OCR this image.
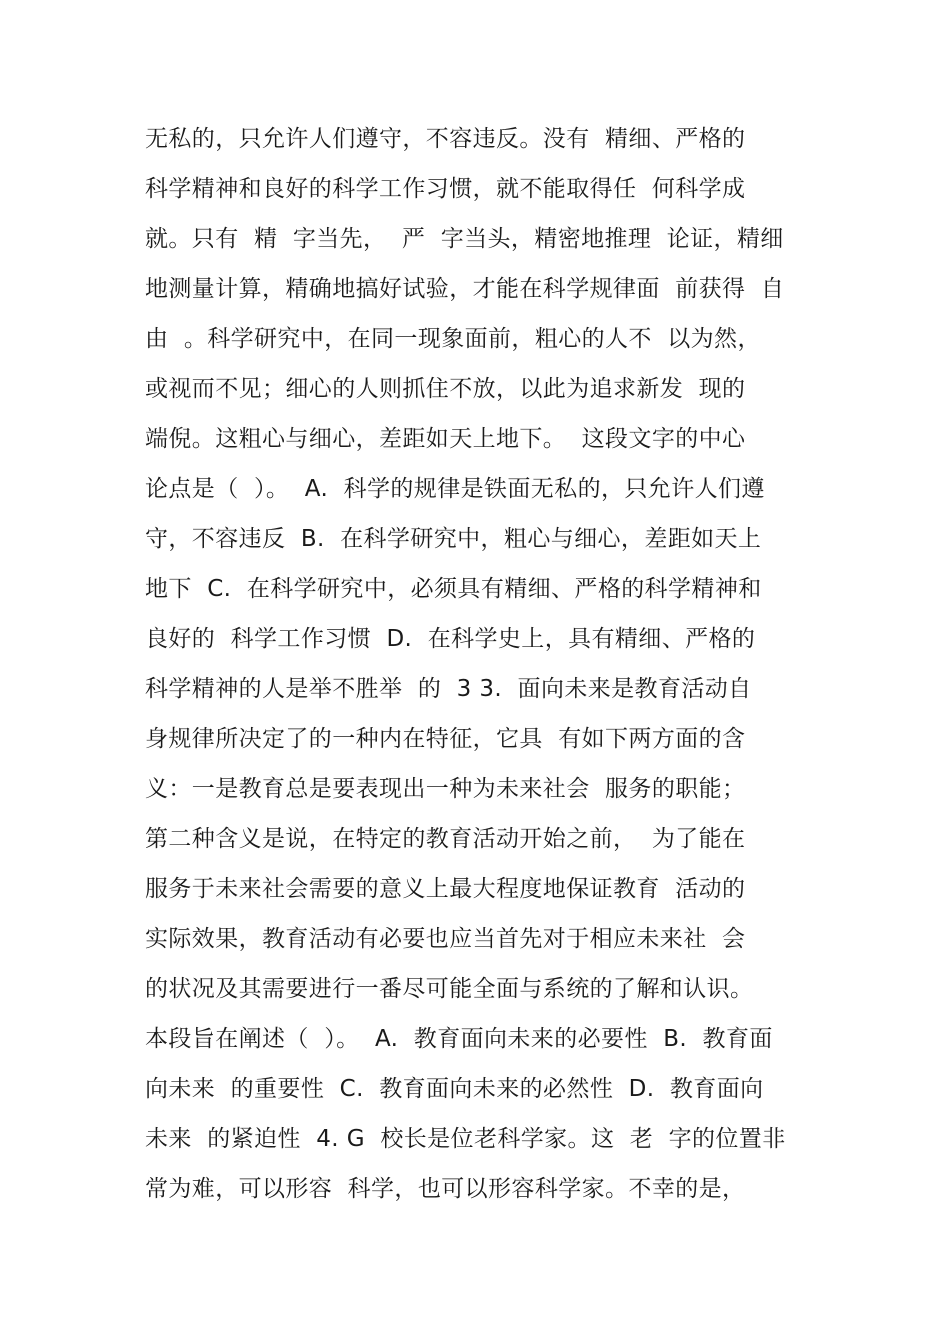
无私的，只允许人们遵守，不容违反。没有  精细、严格的
科学精神和良好的科学工作习惯，就不能取得任  何科学成
就。只有  精  字当先，  严  字当头，精密地推理  论证，精细
地测量计算，精确地搞好试验，才能在科学规律面  前获得  自
由  。科学研究中，在同一现象面前，粗心的人不  以为然，
或视而不见；细心的人则抓住不放，以此为追求新发  现的
端倪。这粗心与细心，差距如天上地下。  这段文字的中心
论点是（  ）。  A.  科学的规律是铁面无私的，只允许人们遵
守，不容违反  B.  在科学研究中，粗心与细心，差距如天上
地下  C.  在科学研究中，必须具有精细、严格的科学精神和
良好的  科学工作习惯  D.  在科学史上，具有精细、严格的
科学精神的人是举不胜举  的  3 3.  面向未来是教育活动自
身规律所决定了的一种内在特征，它具  有如下两方面的含
义：一是教育总是要表现出一种为未来社会  服务的职能；
第二种含义是说，在特定的教育活动开始之前，  为了能在
服务于未来社会需要的意义上最大程度地保证教育  活动的
实际效果，教育活动有必要也应当首先对于相应未来社  会
的状况及其需要进行一番尽可能全面与系统的了解和认识。
本段旨在阐述（  ）。  A.  教育面向未来的必要性  B.  教育面
向未来  的重要性  C.  教育面向未来的必然性  D.  教育面向
未来  的紧迫性  4. G  校长是位老科学家。这  老  字的位置非
常为难，可以形容  科学，也可以形容科学家。不幸的是，
